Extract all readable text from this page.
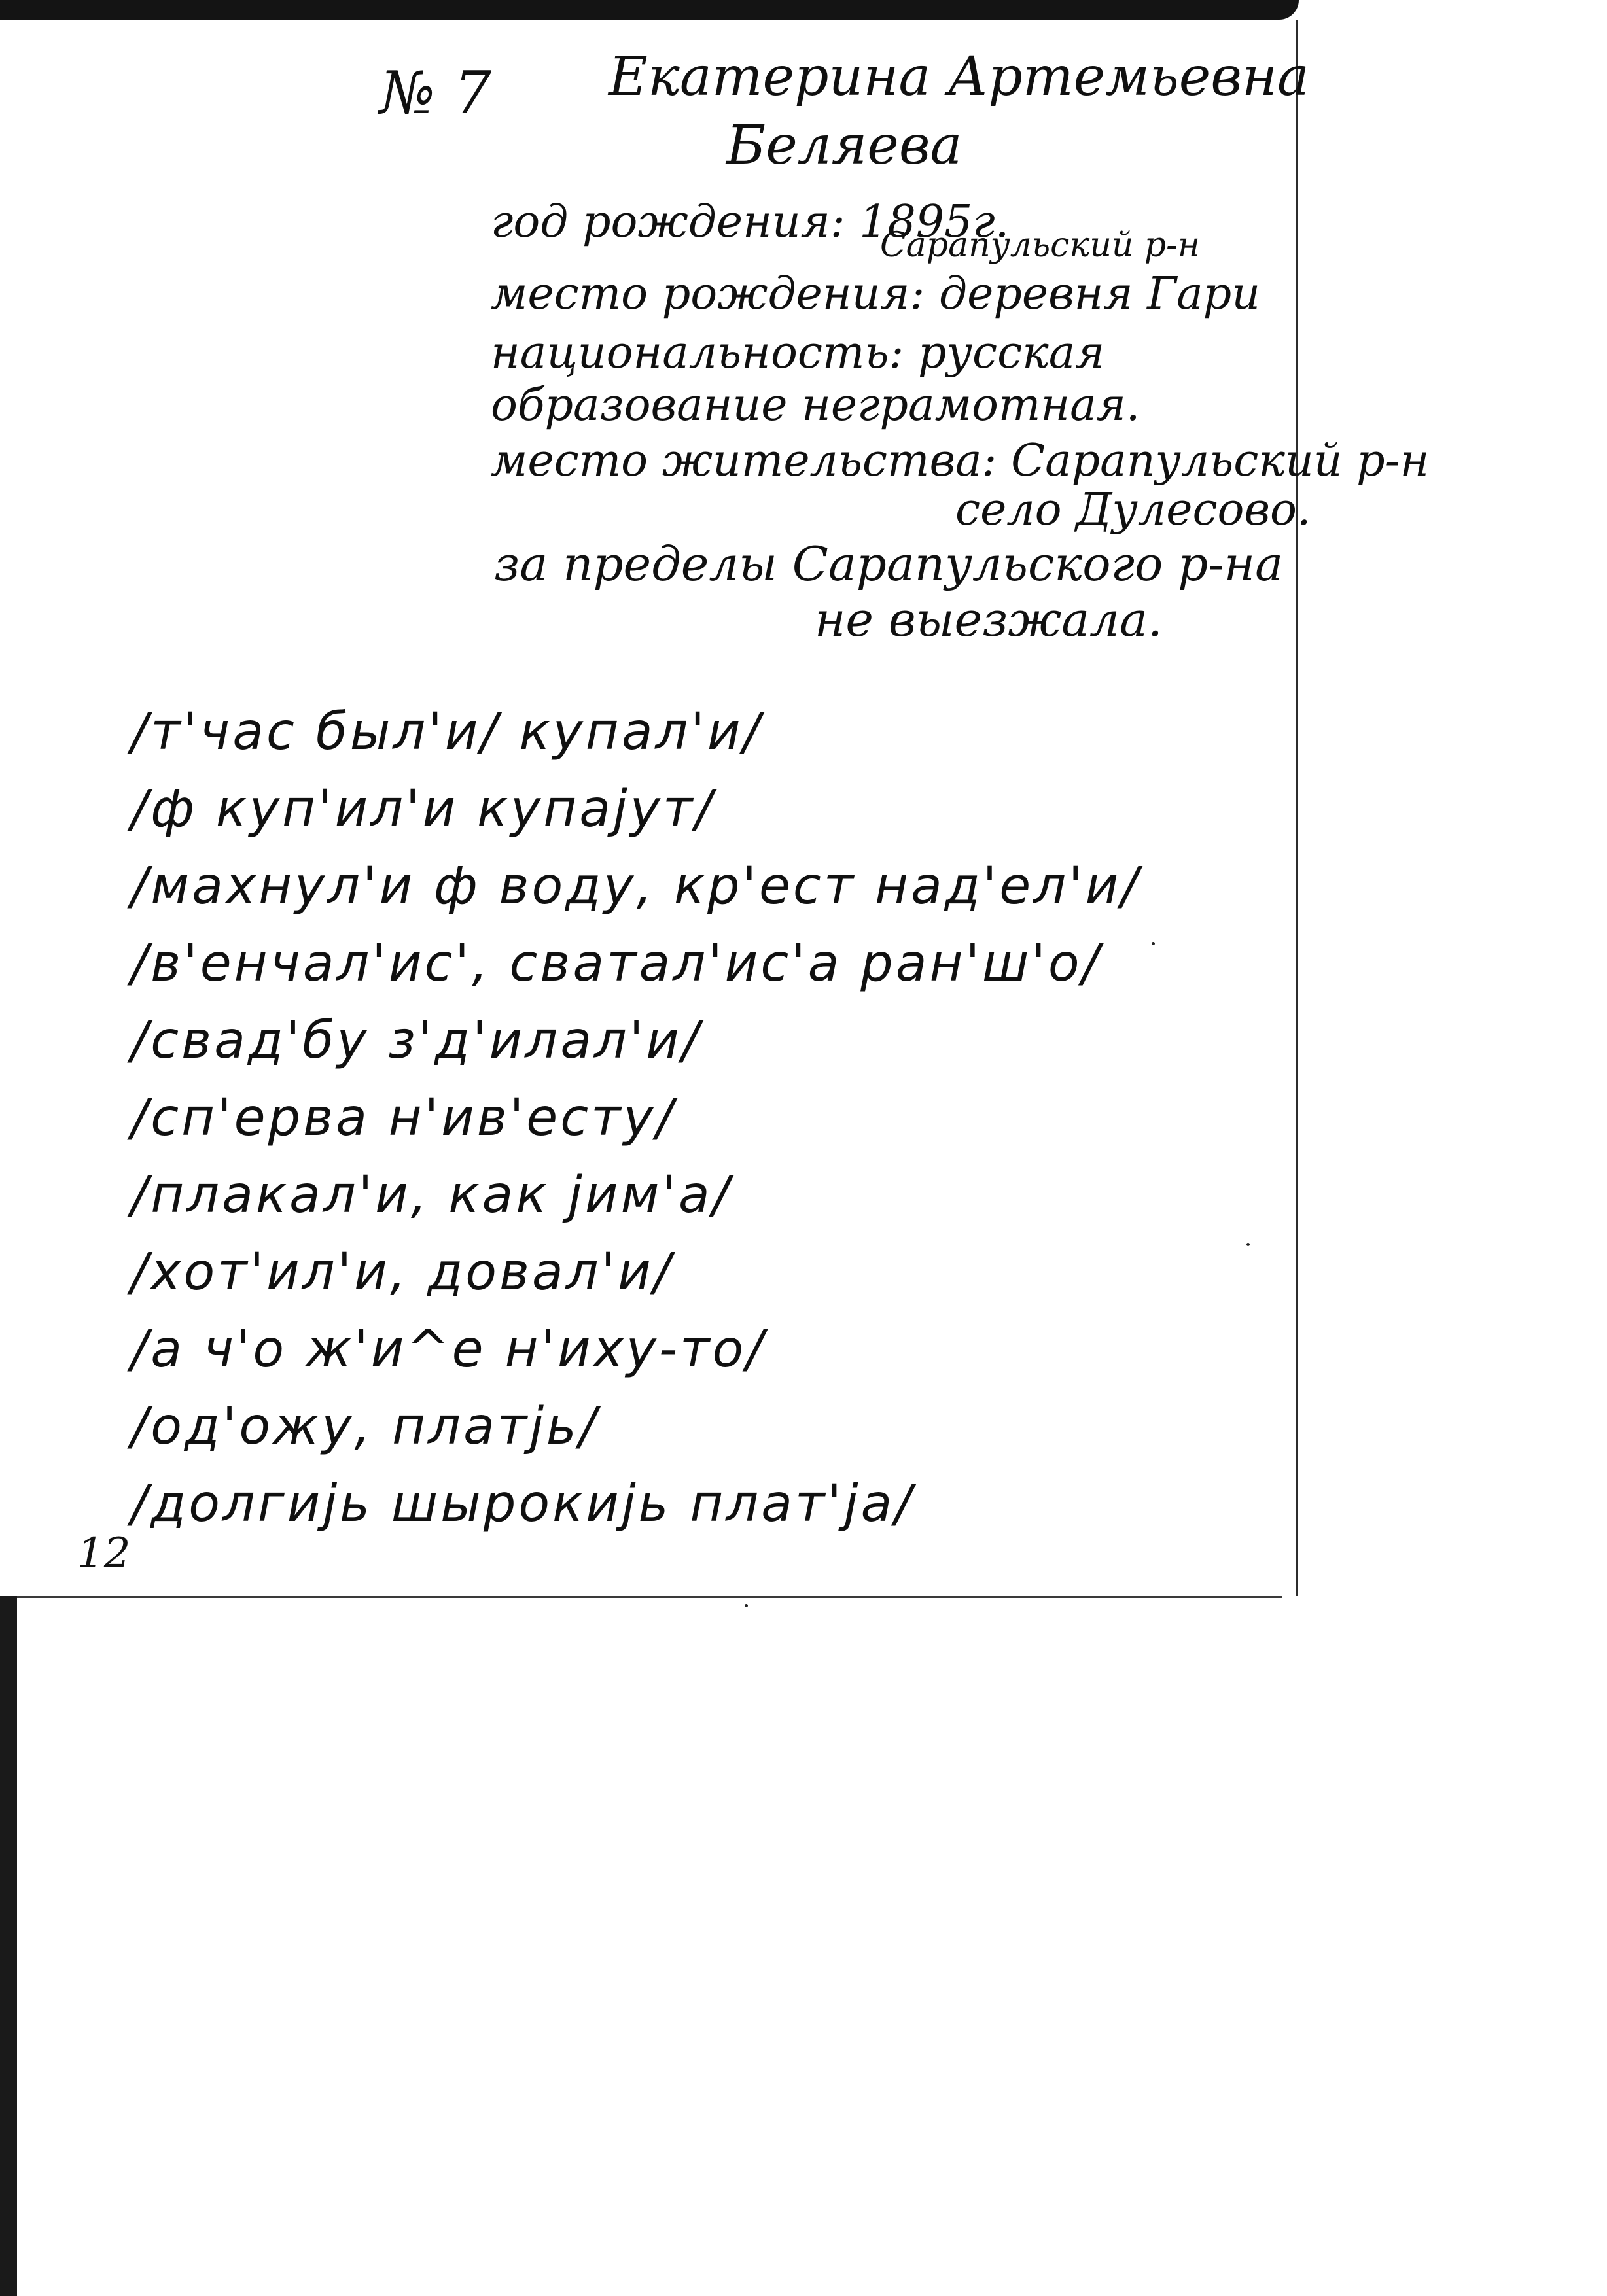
№ 7 Екатерина Артемьевна
Беляева
год рождения: 1895г.
Сарапульский р-н
место рождения: деревня Гари
национальность: русская
образование неграмотная.
место жительства: Сарапульский р-н
село Дулесово.
за пределы Сарапульского р-на
не выезжала.
/т'час был'и/ купал'и/
/ф куп'ил'и купаjут/
/махнул'и ф воду, кр'ест над'ел'и/
/в'енчал'ис', сватал'ис'а ран'ш'о/
/свад'бу з'д'илал'и/
/сп'ерва н'ив'есту/
/плакал'и, как jим'а/
/хот'ил'и, довал'и/
/а ч'о ж'и^е н'иху-то/
/од'ожу, платjь/
/долгиjь шырокиjь плат'jа/
12
